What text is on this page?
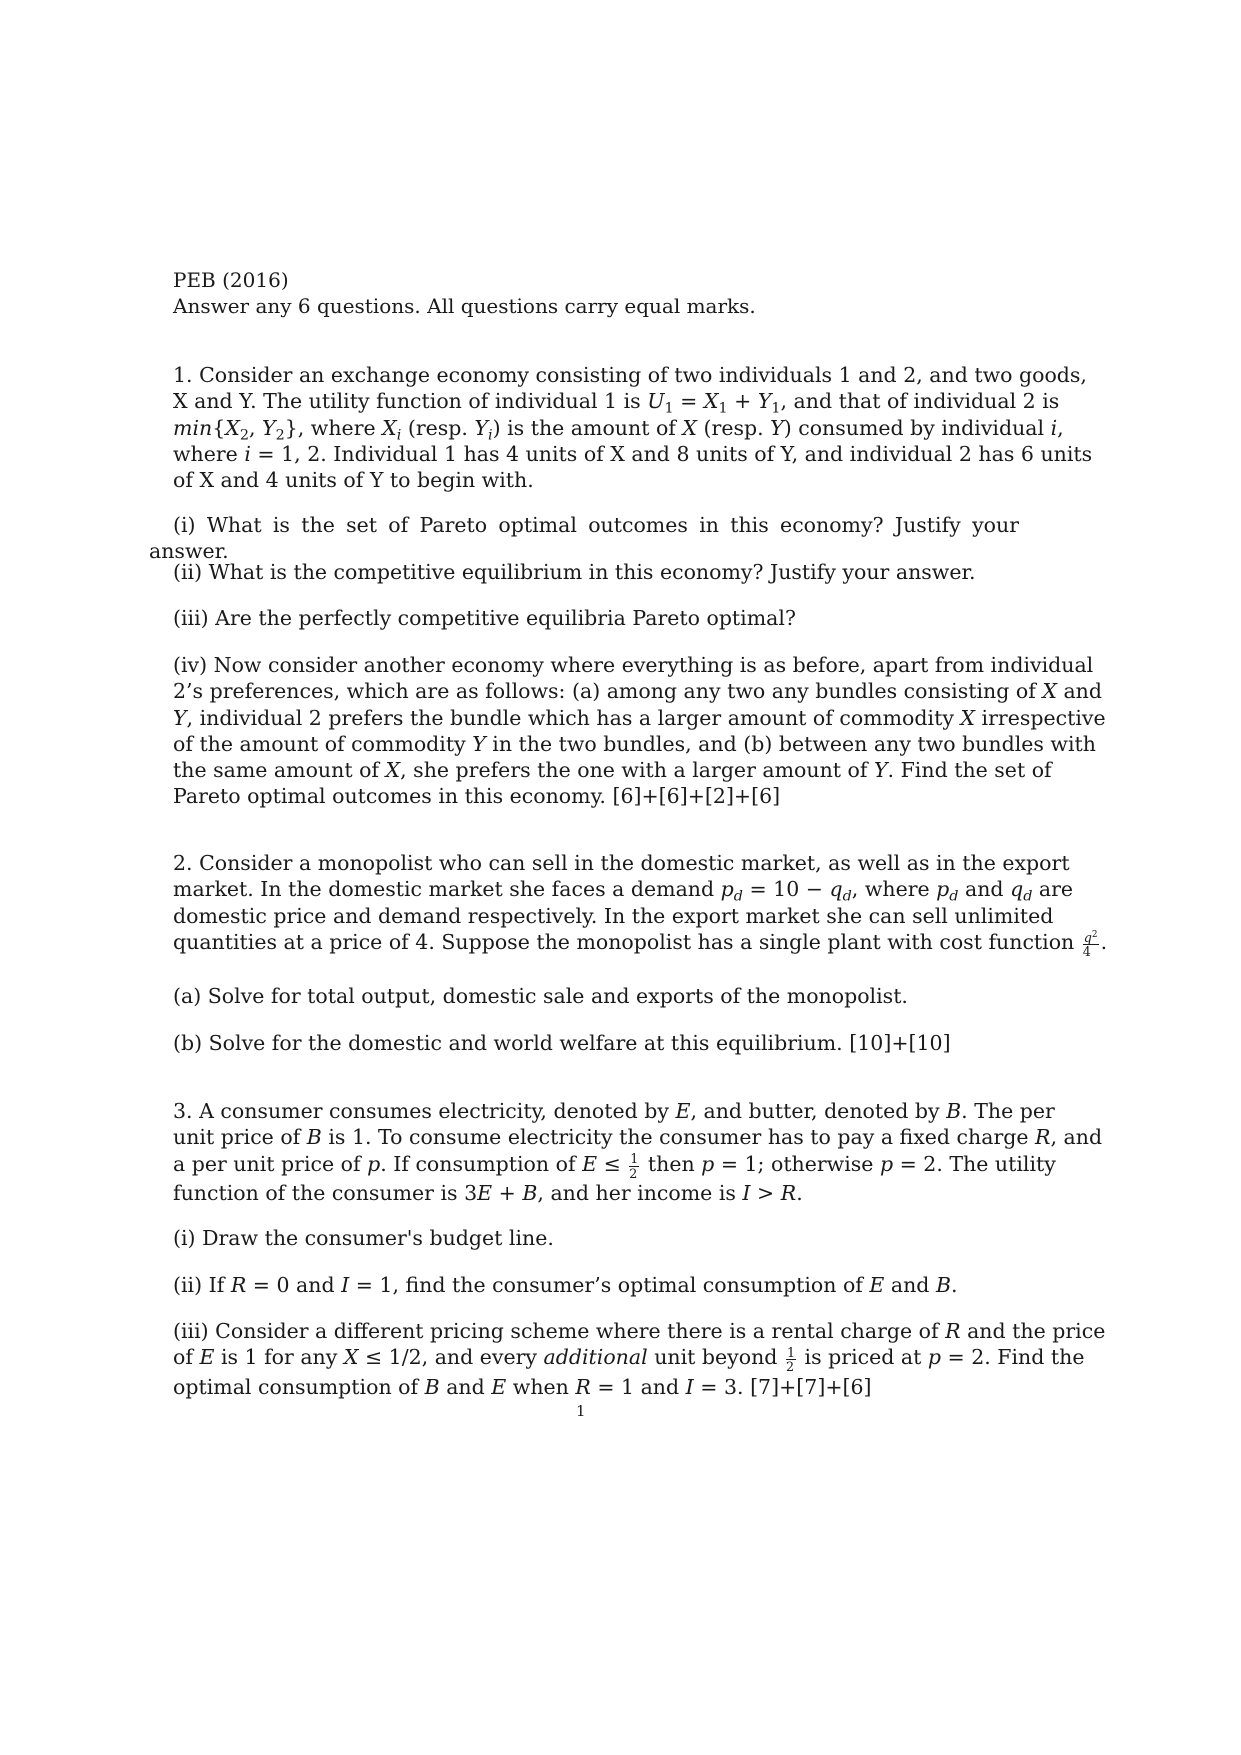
PEB (2016)
Answer any 6 questions. All questions carry equal marks.
1. Consider an exchange economy consisting of two individuals 1 and 2, and two goods,
X and Y. The utility function of individual 1 is $U_1 = X_1 + Y_1$, and that of individual 2 is
$\min\{X_2$, $Y_2$}, where $X_i$ (resp. $Y_i$) is the amount of X (resp. Y) consumed by individual i,
where i = 1, 2. Individual 1 has 4 units of X and 8 units of Y, and individual 2 has 6 units
of X and 4 units of Y to begin with.
(i) What is the set of Pareto optimal outcomes in this economy? Justify your answer.
(ii) What is the competitive equilibrium in this economy? Justify your answer.
(iii) Are the perfectly competitive equilibria Pareto optimal?
(iv) Now consider another economy where everything is as before, apart from individual
2’s preferences, which are as follows: (a) among any two any bundles consisting of X and
Y, individual 2 prefers the bundle which has a larger amount of commodity X irrespective
of the amount of commodity Y in the two bundles, and (b) between any two bundles with
the same amount of X, she prefers the one with a larger amount of Y. Find the set of
Pareto optimal outcomes in this economy. [6]+[6]+[2]+[6]
2. Consider a monopolist who can sell in the domestic market, as well as in the export
market. In the domestic market she faces a demand $p_d = 10 - q_d$, where $p_d$ and $q_d$ are
domestic price and demand respectively. In the export market she can sell unlimited
quantities at a price of 4. Suppose the monopolist has a single plant with cost function $\frac{q^2}{4}$ .
(a) Solve for total output, domestic sale and exports of the monopolist.
(b) Solve for the domestic and world welfare at this equilibrium. [10]+[10]
3. A consumer consumes electricity, denoted by E, and butter, denoted by B. The per
unit price of B is 1. To consume electricity the consumer has to pay a fixed charge R, and
a per unit price of p. If consumption of $E \le \frac{1}{2}$ then p = 1; otherwise p = 2. The utility
function of the consumer is 3E + B, and her income is I > R.
(i) Draw the consumer's budget line.
(ii) If R = 0 and I = 1, find the consumer’s optimal consumption of E and B.
(iii) Consider a different pricing scheme where there is a rental charge of R and the price
of E is 1 for any X ≤ 1/2, and every additional unit beyond $\frac{1}{2}$ is priced at p = 2. Find the
optimal consumption of B and E when R = 1 and I = 3. [7]+[7]+[6]
1
